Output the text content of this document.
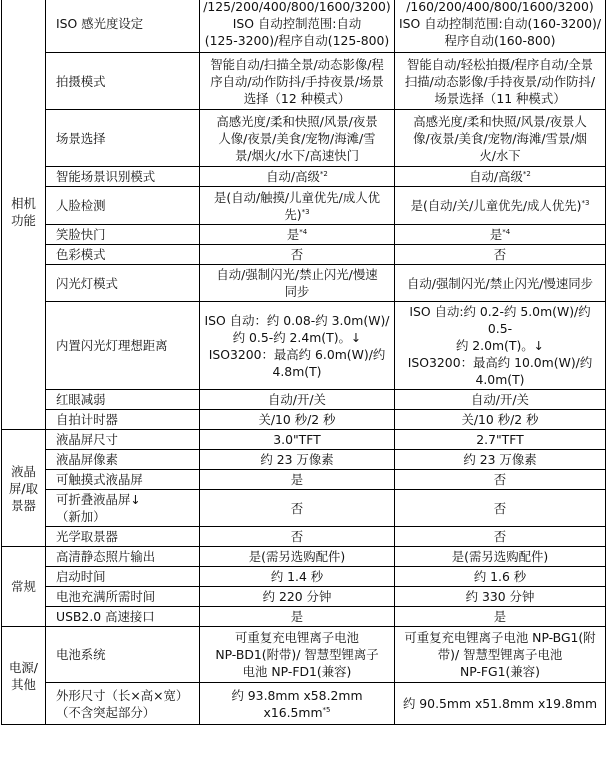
相机
功能	ISO 感光度设定	/125/200/400/800/1600/3200)
ISO 自动控制范围:自动
(125-3200)/程序自动(125-800)	/160/200/400/800/1600/3200)
ISO 自动控制范围:自动(160-3200)/
程序自动(160-800)
	拍摄模式	智能自动/扫描全景/动态影像/程
序自动/动作防抖/手持夜景/场景
选择（12 种模式）	智能自动/轻松拍摄/程序自动/全景
扫描/动态影像/手持夜景/动作防抖/
场景选择（11 种模式）
	场景选择	高感光度/柔和快照/风景/夜景
人像/夜景/美食/宠物/海滩/雪
景/烟火/水下/高速快门	高感光度/柔和快照/风景/夜景人
像/夜景/美食/宠物/海滩/雪景/烟
火/水下
	智能场景识别模式	自动/高级$^{*2}$	自动/高级$^{*2}$
	人脸检测	是(自动/触摸/儿童优先/成人优
先)$^{*3}$	是(自动/关/儿童优先/成人优先)$^{*3}$
	笑脸快门	是$^{*4}$	是$^{*4}$
	色彩模式	否	否
	闪光灯模式	自动/强制闪光/禁止闪光/慢速
同步	自动/强制闪光/禁止闪光/慢速同步
	内置闪光灯理想距离	ISO 自动：约 0.08-约 3.0m(W)/
约 0.5-约 2.4m(T)。↓
ISO3200：最高约 6.0m(W)/约
4.8m(T)	ISO 自动:约 0.2-约 5.0m(W)/约 0.5-
约 2.0m(T)。↓
ISO3200：最高约 10.0m(W)/约
4.0m(T)
	红眼减弱	自动/开/关	自动/开/关
	自拍计时器	关/10 秒/2 秒	关/10 秒/2 秒
液晶
屏/取
景器	液晶屏尺寸	3.0"TFT	2.7"TFT
	液晶屏像素	约 23 万像素	约 23 万像素
	可触摸式液晶屏	是	否
	可折叠液晶屏↓
（新加）	否	否
	光学取景器	否	否
常规	高清静态照片输出	是(需另选购配件)	是(需另选购配件)
	启动时间	约 1.4 秒	约 1.6 秒
	电池充满所需时间	约 220 分钟	约 330 分钟
	USB2.0 高速接口	是	是
电源/
其他	电池系统	可重复充电锂离子电池
NP-BD1(附带)/ 智慧型锂离子
电池 NP-FD1(兼容)	可重复充电锂离子电池 NP-BG1(附
带)/ 智慧型锂离子电池
NP-FG1(兼容)
	外形尺寸（长×高×宽）
（不含突起部分）	约 93.8mm x58.2mm
$x16.5mm^{*5}$	约 90.5mm x51.8mm x19.8mm
